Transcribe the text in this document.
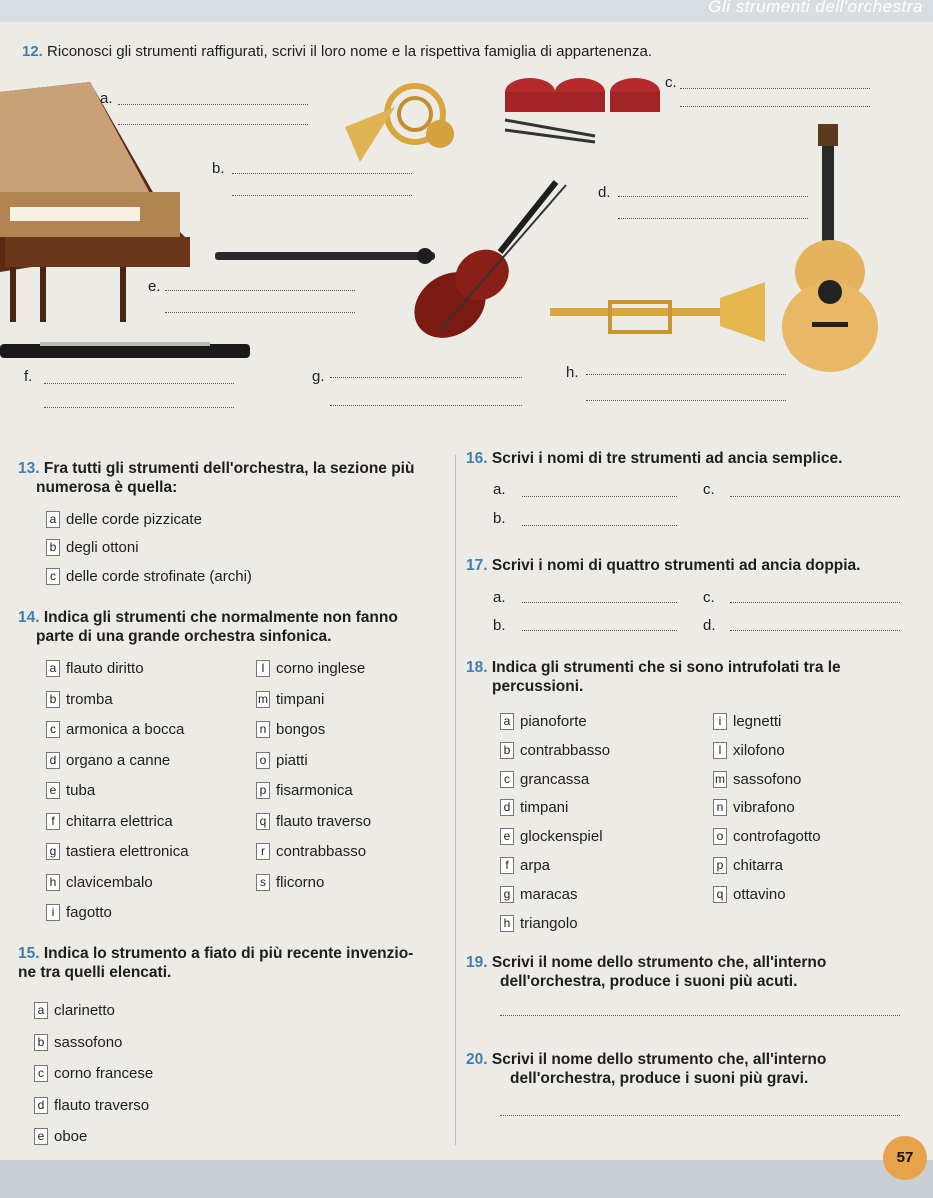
Gli strumenti dell'orchestra
12. Riconosci gli strumenti raffigurati, scrivi il loro nome e la rispettiva famiglia di appartenenza.
a.
b.
c.
d.
e.
f.	g.	h.
13. Fra tutti gli strumenti dell'orchestra, la sezione più
numerosa è quella:
a delle corde pizzicate
b degli ottoni
c delle corde strofinate (archi)
14. Indica gli strumenti che normalmente non fanno
parte di una grande orchestra sinfonica.
a flauto diritto
b tromba
c armonica a bocca
d organo a canne
e tuba
f chitarra elettrica
g tastiera elettronica
h clavicembalo
i fagotto
l corno inglese
m timpani
n bongos
o piatti
p fisarmonica
q flauto traverso
r contrabbasso
s flicorno
15. Indica lo strumento a fiato di più recente invenzio-
ne tra quelli elencati.
a clarinetto
b sassofono
c corno francese
d flauto traverso
e oboe
16. Scrivi i nomi di tre strumenti ad ancia semplice.
a.
b.
c.
17. Scrivi i nomi di quattro strumenti ad ancia doppia.
a.
b.
c.
d.
18. Indica gli strumenti che si sono intrufolati tra le
percussioni.
a pianoforte
b contrabbasso
c grancassa
d timpani
e glockenspiel
f arpa
g maracas
h triangolo
i legnetti
l xilofono
m sassofono
n vibrafono
o controfagotto
p chitarra
q ottavino
19. Scrivi il nome dello strumento che, all'interno
dell'orchestra, produce i suoni più acuti.
20. Scrivi il nome dello strumento che, all'interno
dell'orchestra, produce i suoni più gravi.
57
